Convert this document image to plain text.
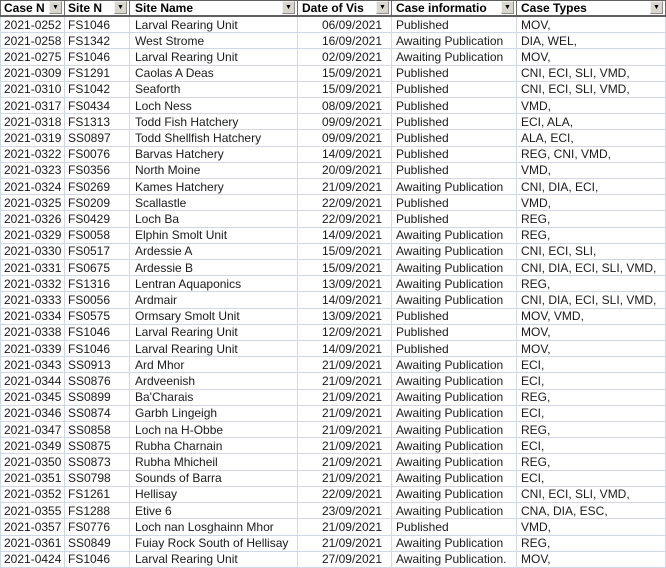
Case N ▼ Site N ▼ Site Name	▼ Date of Vis ▼ Case informatio ▼ Case Types	▼
2021-0252 FS1046	Larval Rearing Unit	06/09/2021	Published	MOV,
2021-0258 FS1342	West Strome	16/09/2021	Awaiting Publication	DIA, WEL,
2021-0275 FS1046	Larval Rearing Unit	02/09/2021	Awaiting Publication	MOV,
2021-0309 FS1291	Caolas A Deas	15/09/2021	Published	CNI, ECI, SLI, VMD,
2021-0310 FS1042	Seaforth	15/09/2021	Published	CNI, ECI, SLI, VMD,
2021-0317 FS0434	Loch Ness	08/09/2021	Published	VMD,
2021-0318 FS1313	Todd Fish Hatchery	09/09/2021	Published	ECI, ALA,
2021-0319 SS0897	Todd Shellfish Hatchery	09/09/2021	Published	ALA, ECI,
2021-0322 FS0076	Barvas Hatchery	14/09/2021	Published	REG, CNI, VMD,
2021-0323 FS0356	North Moine	20/09/2021	Published	VMD,
2021-0324 FS0269	Kames Hatchery	21/09/2021	Awaiting Publication	CNI, DIA, ECI,
2021-0325 FS0209	Scallastle	22/09/2021	Published	VMD,
2021-0326 FS0429	Loch Ba	22/09/2021	Published	REG,
2021-0329 FS0058	Elphin Smolt Unit	14/09/2021	Awaiting Publication	REG,
2021-0330 FS0517	Ardessie A	15/09/2021	Awaiting Publication	CNI, ECI, SLI,
2021-0331 FS0675	Ardessie B	15/09/2021	Awaiting Publication	CNI, DIA, ECI, SLI, VMD,
2021-0332 FS1316	Lentran Aquaponics	13/09/2021	Awaiting Publication	REG,
2021-0333 FS0056	Ardmair	14/09/2021	Awaiting Publication	CNI, DIA, ECI, SLI, VMD,
2021-0334 FS0575	Ormsary Smolt Unit	13/09/2021	Published	MOV, VMD,
2021-0338 FS1046	Larval Rearing Unit	12/09/2021	Published	MOV,
2021-0339 FS1046	Larval Rearing Unit	14/09/2021	Published	MOV,
2021-0343 SS0913	Ard Mhor	21/09/2021	Awaiting Publication	ECI,
2021-0344 SS0876	Ardveenish	21/09/2021	Awaiting Publication	ECI,
2021-0345 SS0899	Ba'Charais	21/09/2021	Awaiting Publication	REG,
2021-0346 SS0874	Garbh Lingeigh	21/09/2021	Awaiting Publication	ECI,
2021-0347 SS0858	Loch na H-Obbe	21/09/2021	Awaiting Publication	REG,
2021-0349 SS0875	Rubha Charnain	21/09/2021	Awaiting Publication	ECI,
2021-0350 SS0873	Rubha Mhicheil	21/09/2021	Awaiting Publication	REG,
2021-0351 SS0798	Sounds of Barra	21/09/2021	Awaiting Publication	ECI,
2021-0352 FS1261	Hellisay	22/09/2021	Awaiting Publication	CNI, ECI, SLI, VMD,
2021-0355 FS1288	Etive 6	23/09/2021	Awaiting Publication	CNA, DIA, ESC,
2021-0357 FS0776	Loch nan Losghainn Mhor	21/09/2021	Published	VMD,
2021-0361 SS0849	Fuiay Rock South of Hellisay	21/09/2021	Awaiting Publication	REG,
2021-0424 FS1046	Larval Rearing Unit	27/09/2021	Awaiting Publication.	MOV,
